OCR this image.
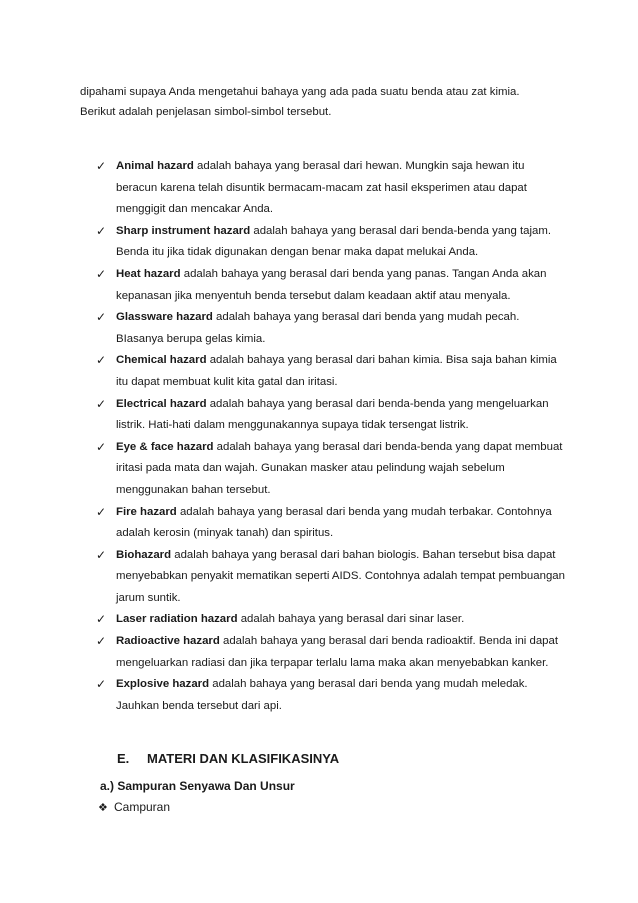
dipahami supaya Anda mengetahui bahaya yang ada pada suatu benda atau zat kimia.

Berikut adalah penjelasan simbol-simbol tersebut.

✓ Animal hazard adalah bahaya yang berasal dari hewan. Mungkin saja hewan itu beracun karena telah disuntik bermacam-macam zat hasil eksperimen atau dapat menggigit dan mencakar Anda.
✓ Sharp instrument hazard adalah bahaya yang berasal dari benda-benda yang tajam. Benda itu jika tidak digunakan dengan benar maka dapat melukai Anda.
✓ Heat hazard adalah bahaya yang berasal dari benda yang panas. Tangan Anda akan kepanasan jika menyentuh benda tersebut dalam keadaan aktif atau menyala.
✓ Glassware hazard adalah bahaya yang berasal dari benda yang mudah pecah. BIasanya berupa gelas kimia.
✓ Chemical hazard adalah bahaya yang berasal dari bahan kimia. Bisa saja bahan kimia itu dapat membuat kulit kita gatal dan iritasi.
✓ Electrical hazard adalah bahaya yang berasal dari benda-benda yang mengeluarkan listrik. Hati-hati dalam menggunakannya supaya tidak tersengat listrik.
✓ Eye & face hazard adalah bahaya yang berasal dari benda-benda yang dapat membuat iritasi pada mata dan wajah. Gunakan masker atau pelindung wajah sebelum menggunakan bahan tersebut.
✓ Fire hazard adalah bahaya yang berasal dari benda yang mudah terbakar. Contohnya adalah kerosin (minyak tanah) dan spiritus.
✓ Biohazard adalah bahaya yang berasal dari bahan biologis. Bahan tersebut bisa dapat menyebabkan penyakit mematikan seperti AIDS. Contohnya adalah tempat pembuangan jarum suntik.
✓ Laser radiation hazard adalah bahaya yang berasal dari sinar laser.
✓ Radioactive hazard adalah bahaya yang berasal dari benda radioaktif. Benda ini dapat mengeluarkan radiasi dan jika terpapar terlalu lama maka akan menyebabkan kanker.
✓ Explosive hazard adalah bahaya yang berasal dari benda yang mudah meledak. Jauhkan benda tersebut dari api.
E. MATERI DAN KLASIFIKASINYA
a.) Sampuran Senyawa Dan Unsur
❖ Campuran
